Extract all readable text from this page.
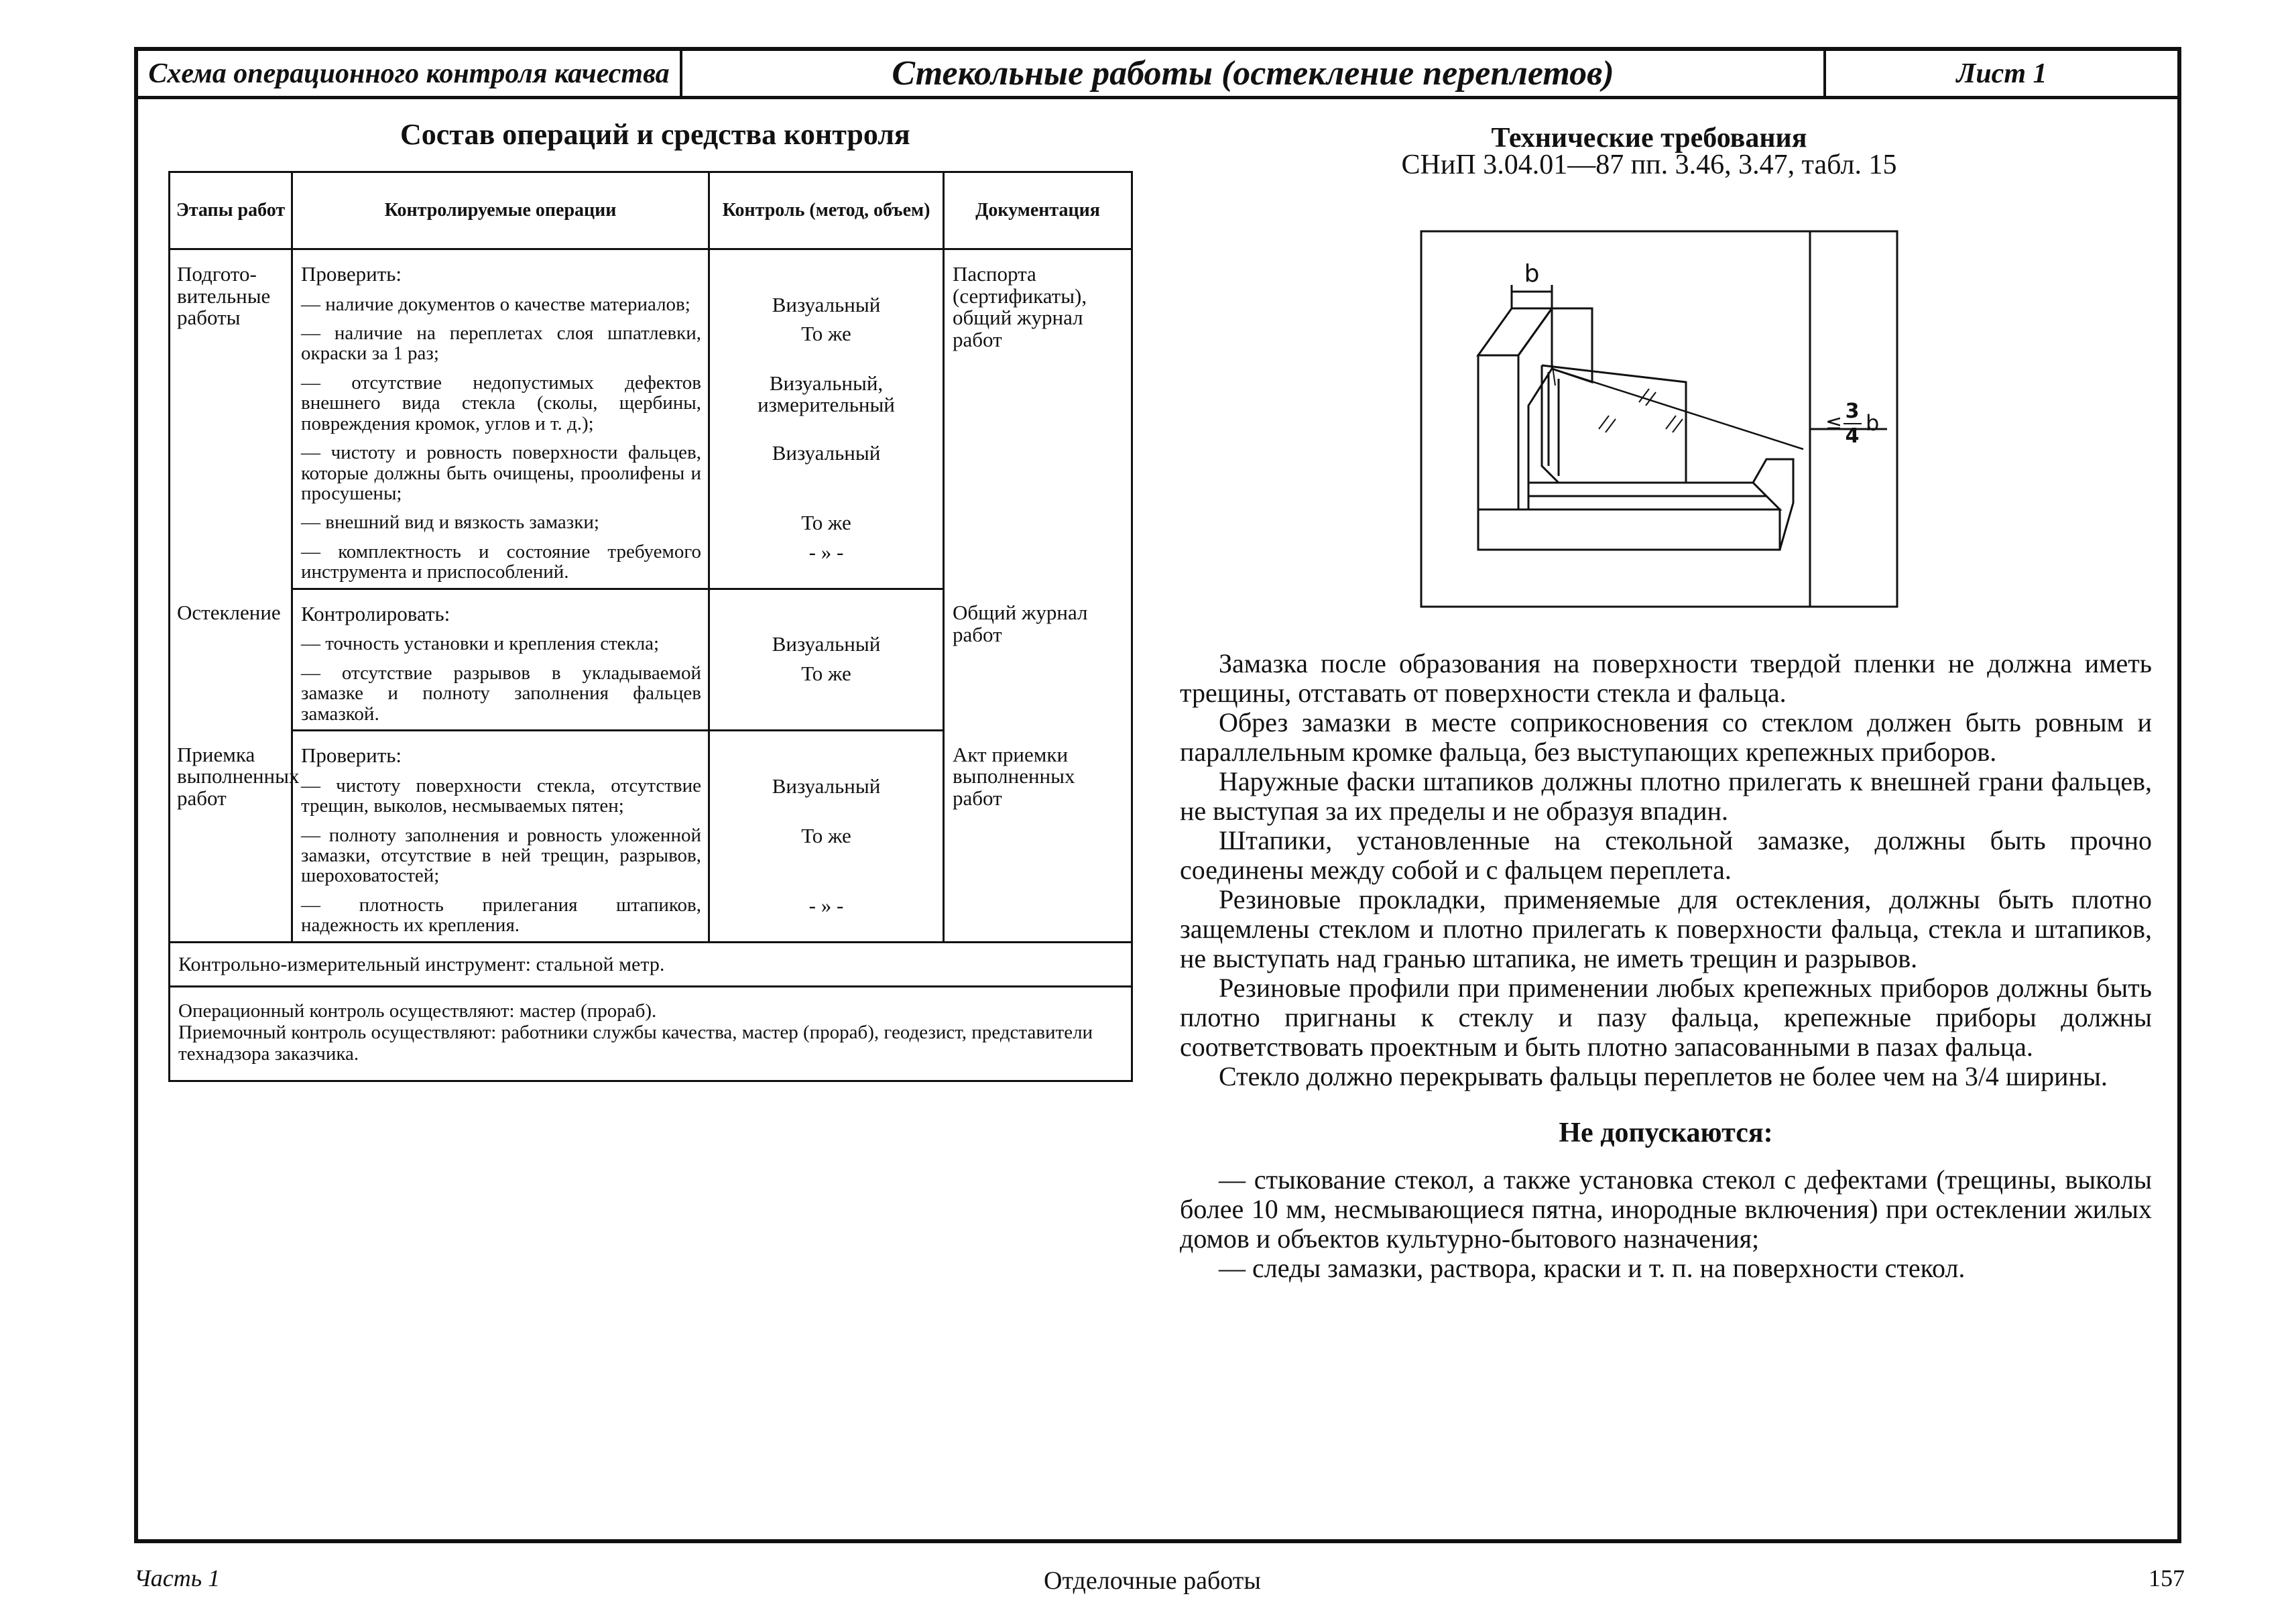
Схема операционного контроля качества	Стекольные работы (остекление переплетов)	Лист 1
Состав операций и средства контроля
Этапы работ	Контролируемые операции	Контроль (метод, объем)	Документация
Подгото-вительные работы	Проверить:		Паспорта (сертификаты), общий журнал работ
	— наличие документов о качестве материалов;	Визуальный	
	— наличие на переплетах слоя шпатлевки, окраски за 1 раз;	То же	
	— отсутствие недопустимых дефектов внешнего вида стекла (сколы, щербины, повреждения кромок, углов и т. д.);	Визуальный, измерительный	
	— чистоту и ровность поверхности фальцев, которые должны быть очищены, проолифены и просушены;	Визуальный	
	— внешний вид и вязкость замазки;	То же	
	— комплектность и состояние требуемого инструмента и приспособлений.	- » -	
Остекление	Контролировать:		Общий журнал работ
	— точность установки и крепления стекла;	Визуальный	
	— отсутствие разрывов в укладываемой замазке и полноту заполнения фальцев замазкой.	То же	
Приемка выполненных работ	Проверить:		Акт приемки выполненных работ
	— чистоту поверхности стекла, отсутствие трещин, выколов, несмываемых пятен;	Визуальный	
	— полноту заполнения и ровность уложенной замазки, отсутствие в ней трещин, разрывов, шероховатостей;	То же	
	— плотность прилегания штапиков, надежность их крепления.	- » -	
Контрольно-измерительный инструмент: стальной метр.			

Операционный контроль осуществляют: мастер (прораб).
Приемочный контроль осуществляют: работники службы качества, мастер (прораб), геодезист, представители технадзора заказчика.			
Технические требования
СНиП 3.04.01—87 пп. 3.46, 3.47, табл. 15
b
≤ 3
4
b

Замазка после образования на поверхности твердой пленки не должна иметь трещины, отставать от поверхности стекла и фальца.

Обрез замазки в месте соприкосновения со стеклом должен быть ровным и параллельным кромке фальца, без выступающих крепежных приборов.

Наружные фаски штапиков должны плотно прилегать к внешней грани фальцев, не выступая за их пределы и не образуя впадин.

Штапики, установленные на стекольной замазке, должны быть прочно соединены между собой и с фальцем переплета.

Резиновые прокладки, применяемые для остекления, должны быть плотно защемлены стеклом и плотно прилегать к поверхности фальца, стекла и штапиков, не выступать над гранью штапика, не иметь трещин и разрывов.

Резиновые профили при применении любых крепежных приборов должны быть плотно пригнаны к стеклу и пазу фальца, крепежные приборы должны соответствовать проектным и быть плотно запасованными в пазах фальца.

Стекло должно перекрывать фальцы переплетов не более чем на 3/4 ширины.

Не допускаются:

— стыкование стекол, а также установка стекол с дефектами (трещины, выколы более 10 мм, несмывающиеся пятна, инородные включения) при остеклении жилых домов и объектов культурно-бытового назначения;

— следы замазки, раствора, краски и т. п. на поверхности стекол.

Часть 1	Отделочные работы	157
